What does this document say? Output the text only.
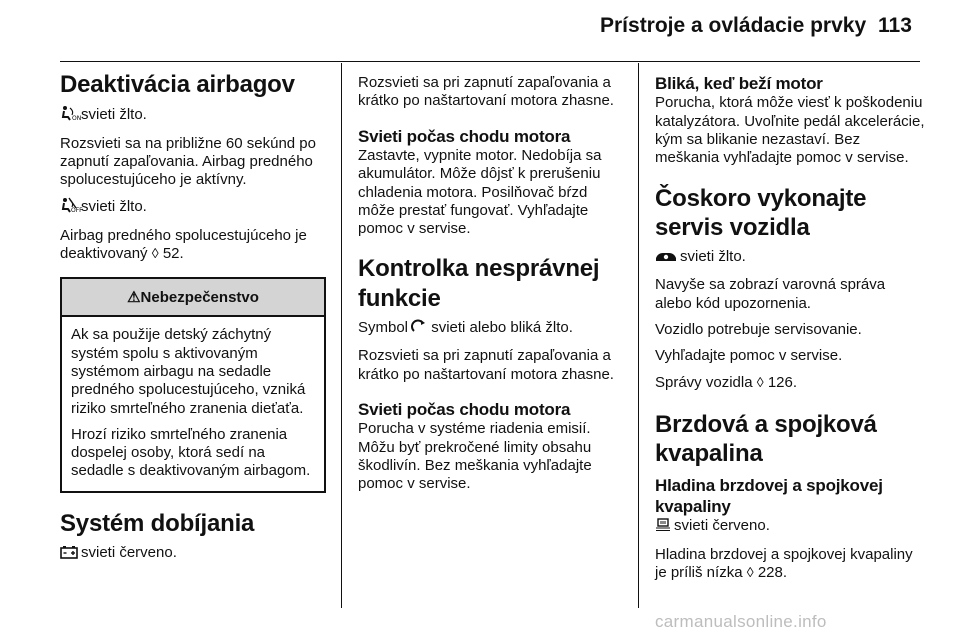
Prístroje a ovládacie prvky 113
Deaktivácia airbagov

ON svieti žlto.

Rozsvieti sa na približne 60 sekúnd po zapnutí zapaľovania. Airbag predného spolucestujúceho je aktívny.

OFF
svieti žlto.

Airbag predného spolucestujúceho je deaktivovaný ◊ 52.

⚠Nebezpečenstvo

Ak sa použije detský záchytný systém spolu s aktivovaným systémom airbagu na sedadle predného spolucestujúceho, vzniká riziko smrteľného zranenia dieťaťa.

Hrozí riziko smrteľného zranenia dospelej osoby, ktorá sedí na sedadle s deaktivovaným airbagom.

Systém dobíjania

svieti červeno.

Rozsvieti sa pri zapnutí zapaľovania a krátko po naštartovaní motora zhasne.

Svieti počas chodu motora

Zastavte, vypnite motor. Nedobíja sa akumulátor. Môže dôjsť k prerušeniu chladenia motora. Posilňovač bŕzd môže prestať fungovať. Vyhľadajte pomoc v servise.

Kontrolka nesprávnej funkcie

Symbol svieti alebo bliká žlto.

Rozsvieti sa pri zapnutí zapaľovania a krátko po naštartovaní motora zhasne.

Svieti počas chodu motora

Porucha v systéme riadenia emisií. Môžu byť prekročené limity obsahu škodlivín. Bez meškania vyhľadajte pomoc v servise.

Bliká, keď beží motor

Porucha, ktorá môže viesť k poškodeniu katalyzátora. Uvoľnite pedál akcelerácie, kým sa blikanie nezastaví. Bez meškania vyhľadajte pomoc v servise.

Čoskoro vykonajte servis vozidla

svieti žlto.

Navyše sa zobrazí varovná správa alebo kód upozornenia.

Vozidlo potrebuje servisovanie.

Vyhľadajte pomoc v servise.

Správy vozidla ◊ 126.

Brzdová a spojková kvapalina
Hladina brzdovej a spojkovej kvapaliny

svieti červeno.

Hladina brzdovej a spojkovej kvapaliny je príliš nízka ◊ 228.

carmanualsonline.info
